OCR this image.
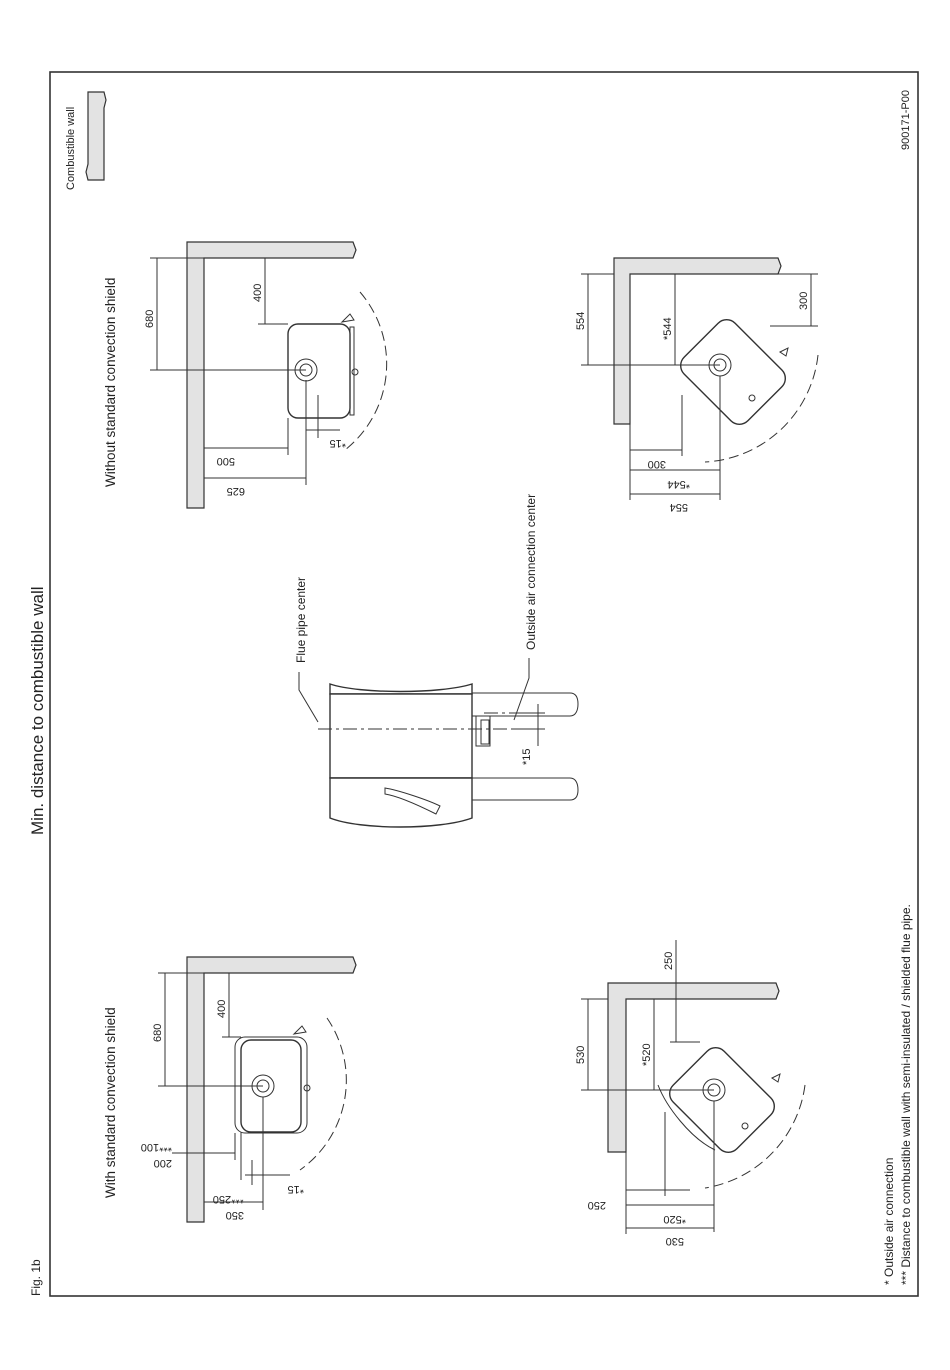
Min. distance to combustible wall
Fig. 1b
900171-P00
* Outside air connection *** Distance to combustible wall with semi-insulated / shielded flue pipe.
Combustible wall
Without standard convection shield 680
400
500
625
*15
With standard convection shield	680
400
200
***100
350
***250
*15
Flue pipe center	Outside air connection center
*15
554	*544
300
300
*544
554
530	*520
250
250
*520
530
